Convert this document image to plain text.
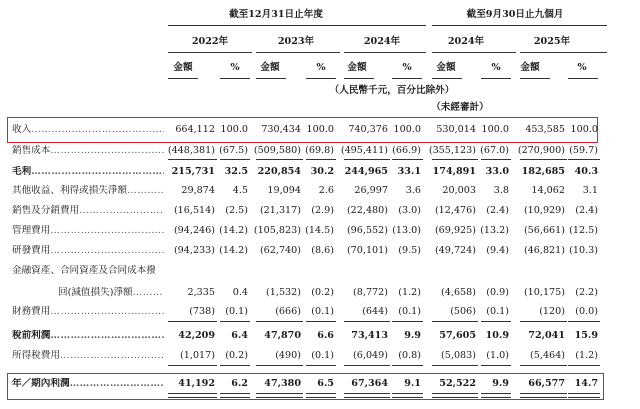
截至12月31日止年度	截至9月30日止九個月
2022年	2023年	2024年	2024年	2025年
金額	% 金額	% 金額	%	金額	% 金額	%
（人民幣千元，百分比除外）
（未經審計）
收入 ………………………………………………………………………………………………	664,112 100.0 730,434 100.0 740,376 100.0 530,014 100.0 453,585 100.0
銷售成本 ………………………………………………………………………………………………	(448,381) (67.5) (509,580) (69.8) (495,411) (66.9) (355,123) (67.0) (270,900) (59.7)
毛利 ………………………………………………………………………………………………	215,731 32.5 220,854 30.2 244,965 33.1 174,891 33.0 182,685 40.3
其他收益、利得或損失淨額 ………………………………………………………………………………………………	29,874 4.5 19,094 2.6 26,997 3.6 20,003 3.8 14,062 3.1
銷售及分銷費用 ………………………………………………………………………………………………	(16,514) (2.5) (21,317) (2.9) (22,480) (3.0) (12,476) (2.4) (10,929) (2.4)
管理費用 ………………………………………………………………………………………………	(94,246) (14.2) (105,823) (14.5) (96,552) (13.0) (69,925) (13.2) (56,661) (12.5)
研發費用 ………………………………………………………………………………………………	(94,233) (14.2) (62,740) (8.6) (70,101) (9.5) (49,724) (9.4) (46,821) (10.3)
金融資產、合同資產及合同成本撥
回(減值損失)淨額 ………………………………………………………………………………………………	2,335 0.4 (1,532) (0.2) (8,772) (1.2) (4,658) (0.9) (10,175) (2.2)
財務費用 ………………………………………………………………………………………………	(738) (0.1)	(666) (0.1)	(644) (0.1)	(506) (0.1)	(120) (0.0)
稅前利潤 ………………………………………………………………………………………………	42,209 6.4 47,870 6.6 73,413 9.9 57,605 10.9 72,041 15.9
所得稅費用 ………………………………………………………………………………………………	(1,017) (0.2)	(490) (0.1) (6,049) (0.8) (5,083) (1.0) (5,464) (1.2)
年／期內利潤 ………………………………………………………………………………………………	41,192 6.2 47,380 6.5 67,364 9.1 52,522 9.9 66,577 14.7
